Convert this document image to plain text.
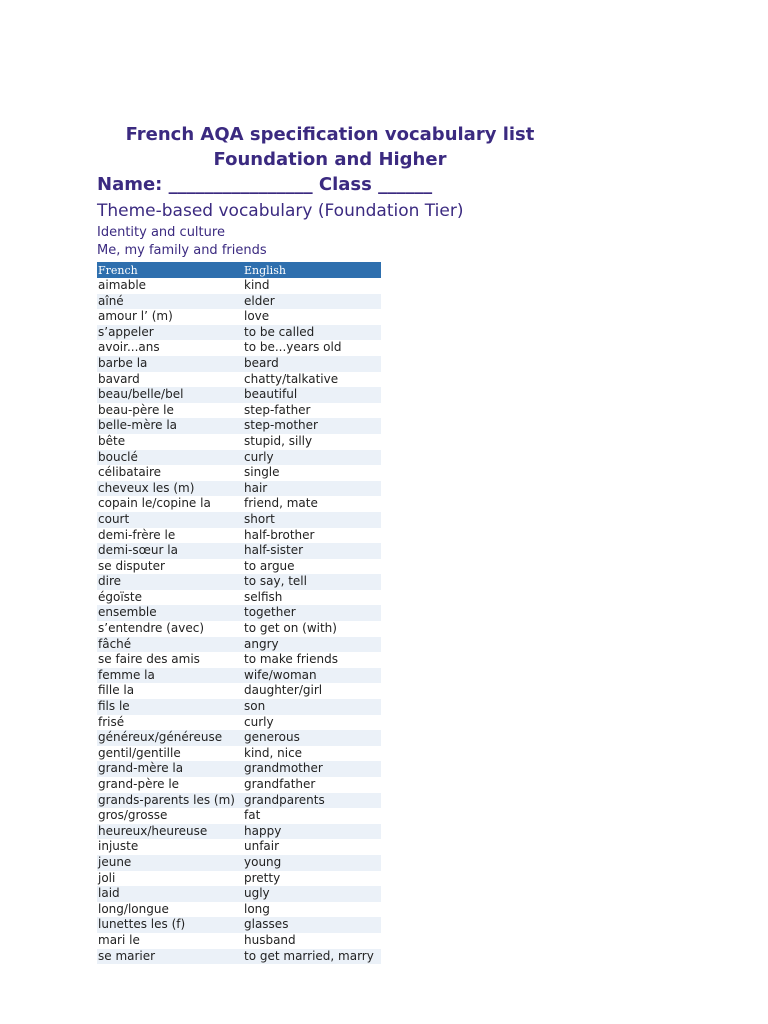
French AQA specification vocabulary list
Foundation and Higher
Name: ________________ Class ______
Theme-based vocabulary (Foundation Tier)
Identity and culture
Me, my family and friends
French	English
aimable	kind
aîné	elder
amour l’ (m)	love
s’appeler	to be called
avoir...ans	to be...years old
barbe la	beard
bavard	chatty/talkative
beau/belle/bel	beautiful
beau-père le	step-father
belle-mère la	step-mother
bête	stupid, silly
bouclé	curly
célibataire	single
cheveux les (m)	hair
copain le/copine la	friend, mate
court	short
demi-frère le	half-brother
demi-sœur la	half-sister
se disputer	to argue
dire	to say, tell
égoïste	selfish
ensemble	together
s’entendre (avec)	to get on (with)
fâché	angry
se faire des amis	to make friends
femme la	wife/woman
fille la	daughter/girl
fils le	son
frisé	curly
généreux/généreuse	generous
gentil/gentille	kind, nice
grand-mère la	grandmother
grand-père le	grandfather
grands-parents les (m)	grandparents
gros/grosse	fat
heureux/heureuse	happy
injuste	unfair
jeune	young
joli	pretty
laid	ugly
long/longue	long
lunettes les (f)	glasses
mari le	husband
se marier	to get married, marry
